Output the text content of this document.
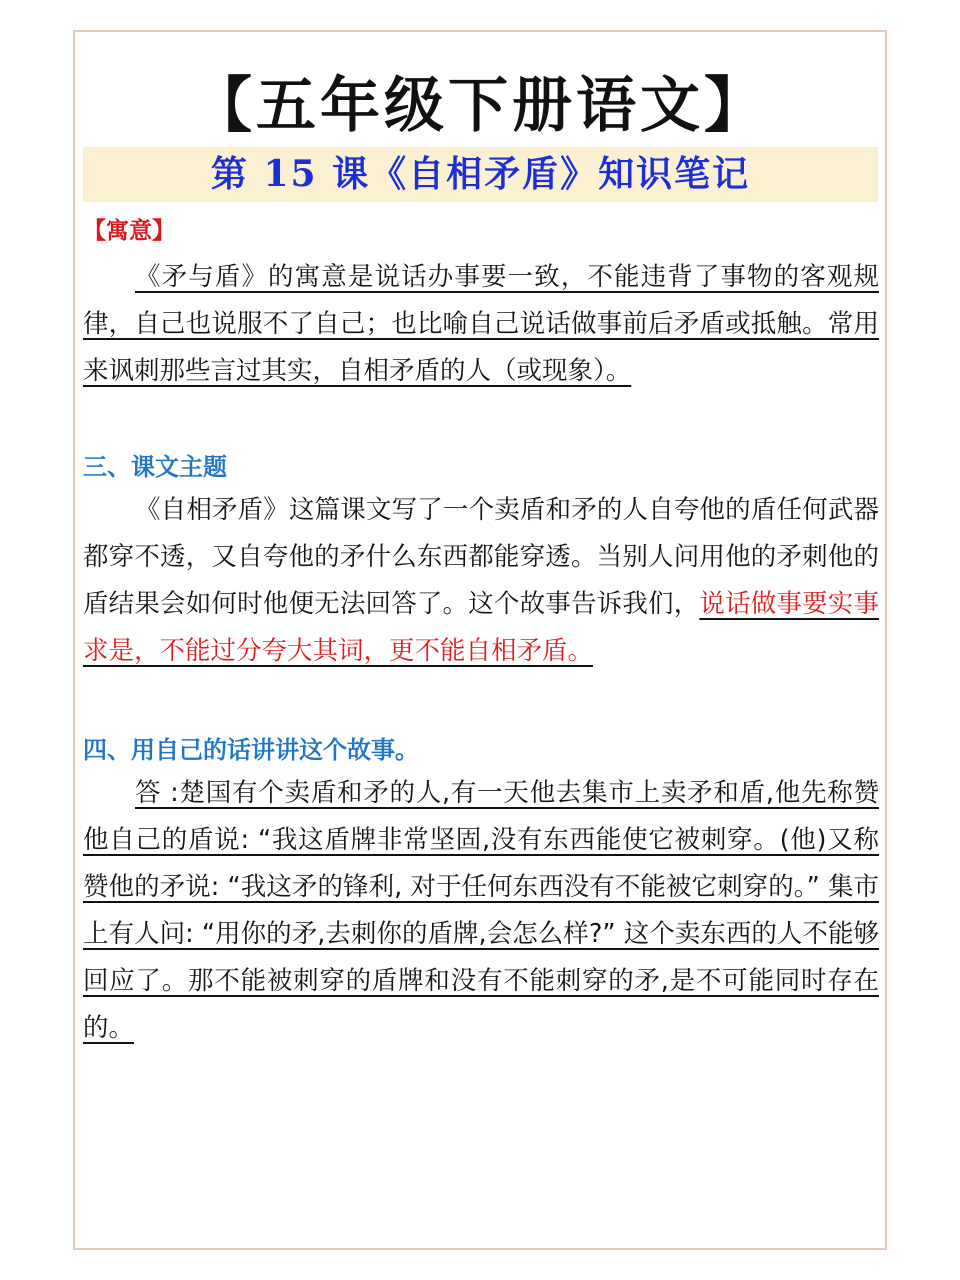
【五年级下册语文】
第 15 课《自相矛盾》知识笔记
【寓意】
《矛与盾》的寓意是说话办事要一致，不能违背了事物的客观规律，自己也说服不了自己；也比喻自己说话做事前后矛盾或抵触。常用来讽刺那些言过其实，自相矛盾的人（或现象）。
三、课文主题
《自相矛盾》这篇课文写了一个卖盾和矛的人自夸他的盾任何武器都穿不透，又自夸他的矛什么东西都能穿透。当别人问用他的矛刺他的盾结果会如何时他便无法回答了。这个故事告诉我们，说话做事要实事求是，不能过分夸大其词，更不能自相矛盾。
四、用自己的话讲讲这个故事。
答 :楚国有个卖盾和矛的人,有一天他去集市上卖矛和盾,他先称赞他自己的盾说: “我这盾牌非常坚固,没有东西能使它被刺穿。(他)又称赞他的矛说: “我这矛的锋利, 对于任何东西没有不能被它刺穿的。” 集市上有人问: “用你的矛,去刺你的盾牌,会怎么样?” 这个卖东西的人不能够回应了。那不能被刺穿的盾牌和没有不能刺穿的矛,是不可能同时存在的。
